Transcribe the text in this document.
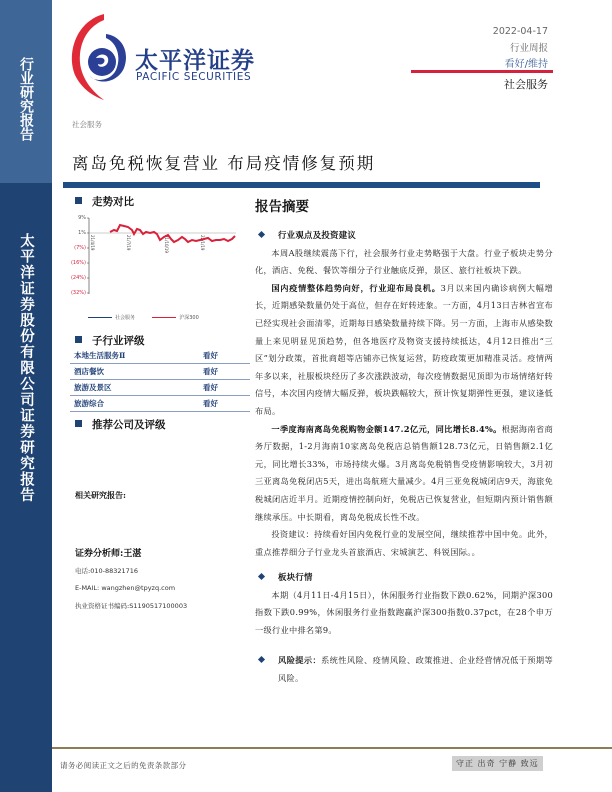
行业研究报告
太平洋证券股份有限公司证券研究报告
太平洋证券
PACIFIC SECURITIES
2022-04-17
行业周报
看好/维持
社会服务
社会服务
离岛免税恢复营业 布局疫情修复预期
走势对比
9%
1%
(7%)
(16%)
(24%)
(32%)
21/4/19	21/7/19	21/10/19	22/1/19
社会服务	沪深300
子行业评级
本地生活服务Ⅱ	看好
酒店餐饮	看好
旅游及景区	看好
旅游综合	看好
推荐公司及评级
相关研究报告:
证券分析师:王湛
电话:010-88321716
E-MAIL: wangzhen@tpyzq.com
执业资格证书编码:S1190517100003
报告摘要
行业观点及投资建议

本周A股继续震荡下行，社会服务行业走势略强于大盘。行业子板块走势分化，酒店、免税、餐饮等细分子行业触底反弹，景区、旅行社板块下跌。

国内疫情整体趋势向好，行业迎布局良机。3月以来国内确诊病例大幅增长，近期感染数量仍处于高位，但存在好转迹象。一方面，4月13日吉林省宣布已经实现社会面清零，近期每日感染数量持续下降。另一方面，上海市从感染数量上来见明显见顶趋势，但各地医疗及物资支援持续抵达，4月12日推出“三区”划分政策，首批商超等店铺亦已恢复运营，防疫政策更加精准灵活。疫情两年多以来，社服板块经历了多次涨跌波动，每次疫情数据见顶即为市场情绪好转信号，本次国内疫情大幅反弹，板块跌幅较大，预计恢复期弹性更强，建议逢低布局。

一季度海南离岛免税购物金额147.2亿元，同比增长8.4%。根据海南省商务厅数据，1-2月海南10家离岛免税店总销售额128.73亿元，日销售额2.1亿元，同比增长33%，市场持续火爆。3月离岛免税销售受疫情影响较大，3月初三亚离岛免税闭店5天，进出岛航班大量减少。4月三亚免税城闭店9天，海旅免税城闭店近半月。近期疫情控制向好，免税店已恢复营业，但短期内预计销售额继续承压。中长期看，离岛免税成长性不改。

投资建议：持续看好国内免税行业的发展空间，继续推荐中国中免。此外，重点推荐细分子行业龙头首旅酒店、宋城演艺、科锐国际。。

板块行情

本期（4月11日-4月15日），休闲服务行业指数下跌0.62%，同期沪深300指数下跌0.99%，休闲服务行业指数跑赢沪深300指数0.37pct，在28个申万一级行业中排名第9。

风险提示：系统性风险、疫情风险、政策推进、企业经营情况低于预期等风险。
请务必阅读正文之后的免责条款部分	守正 出奇 宁静 致远
